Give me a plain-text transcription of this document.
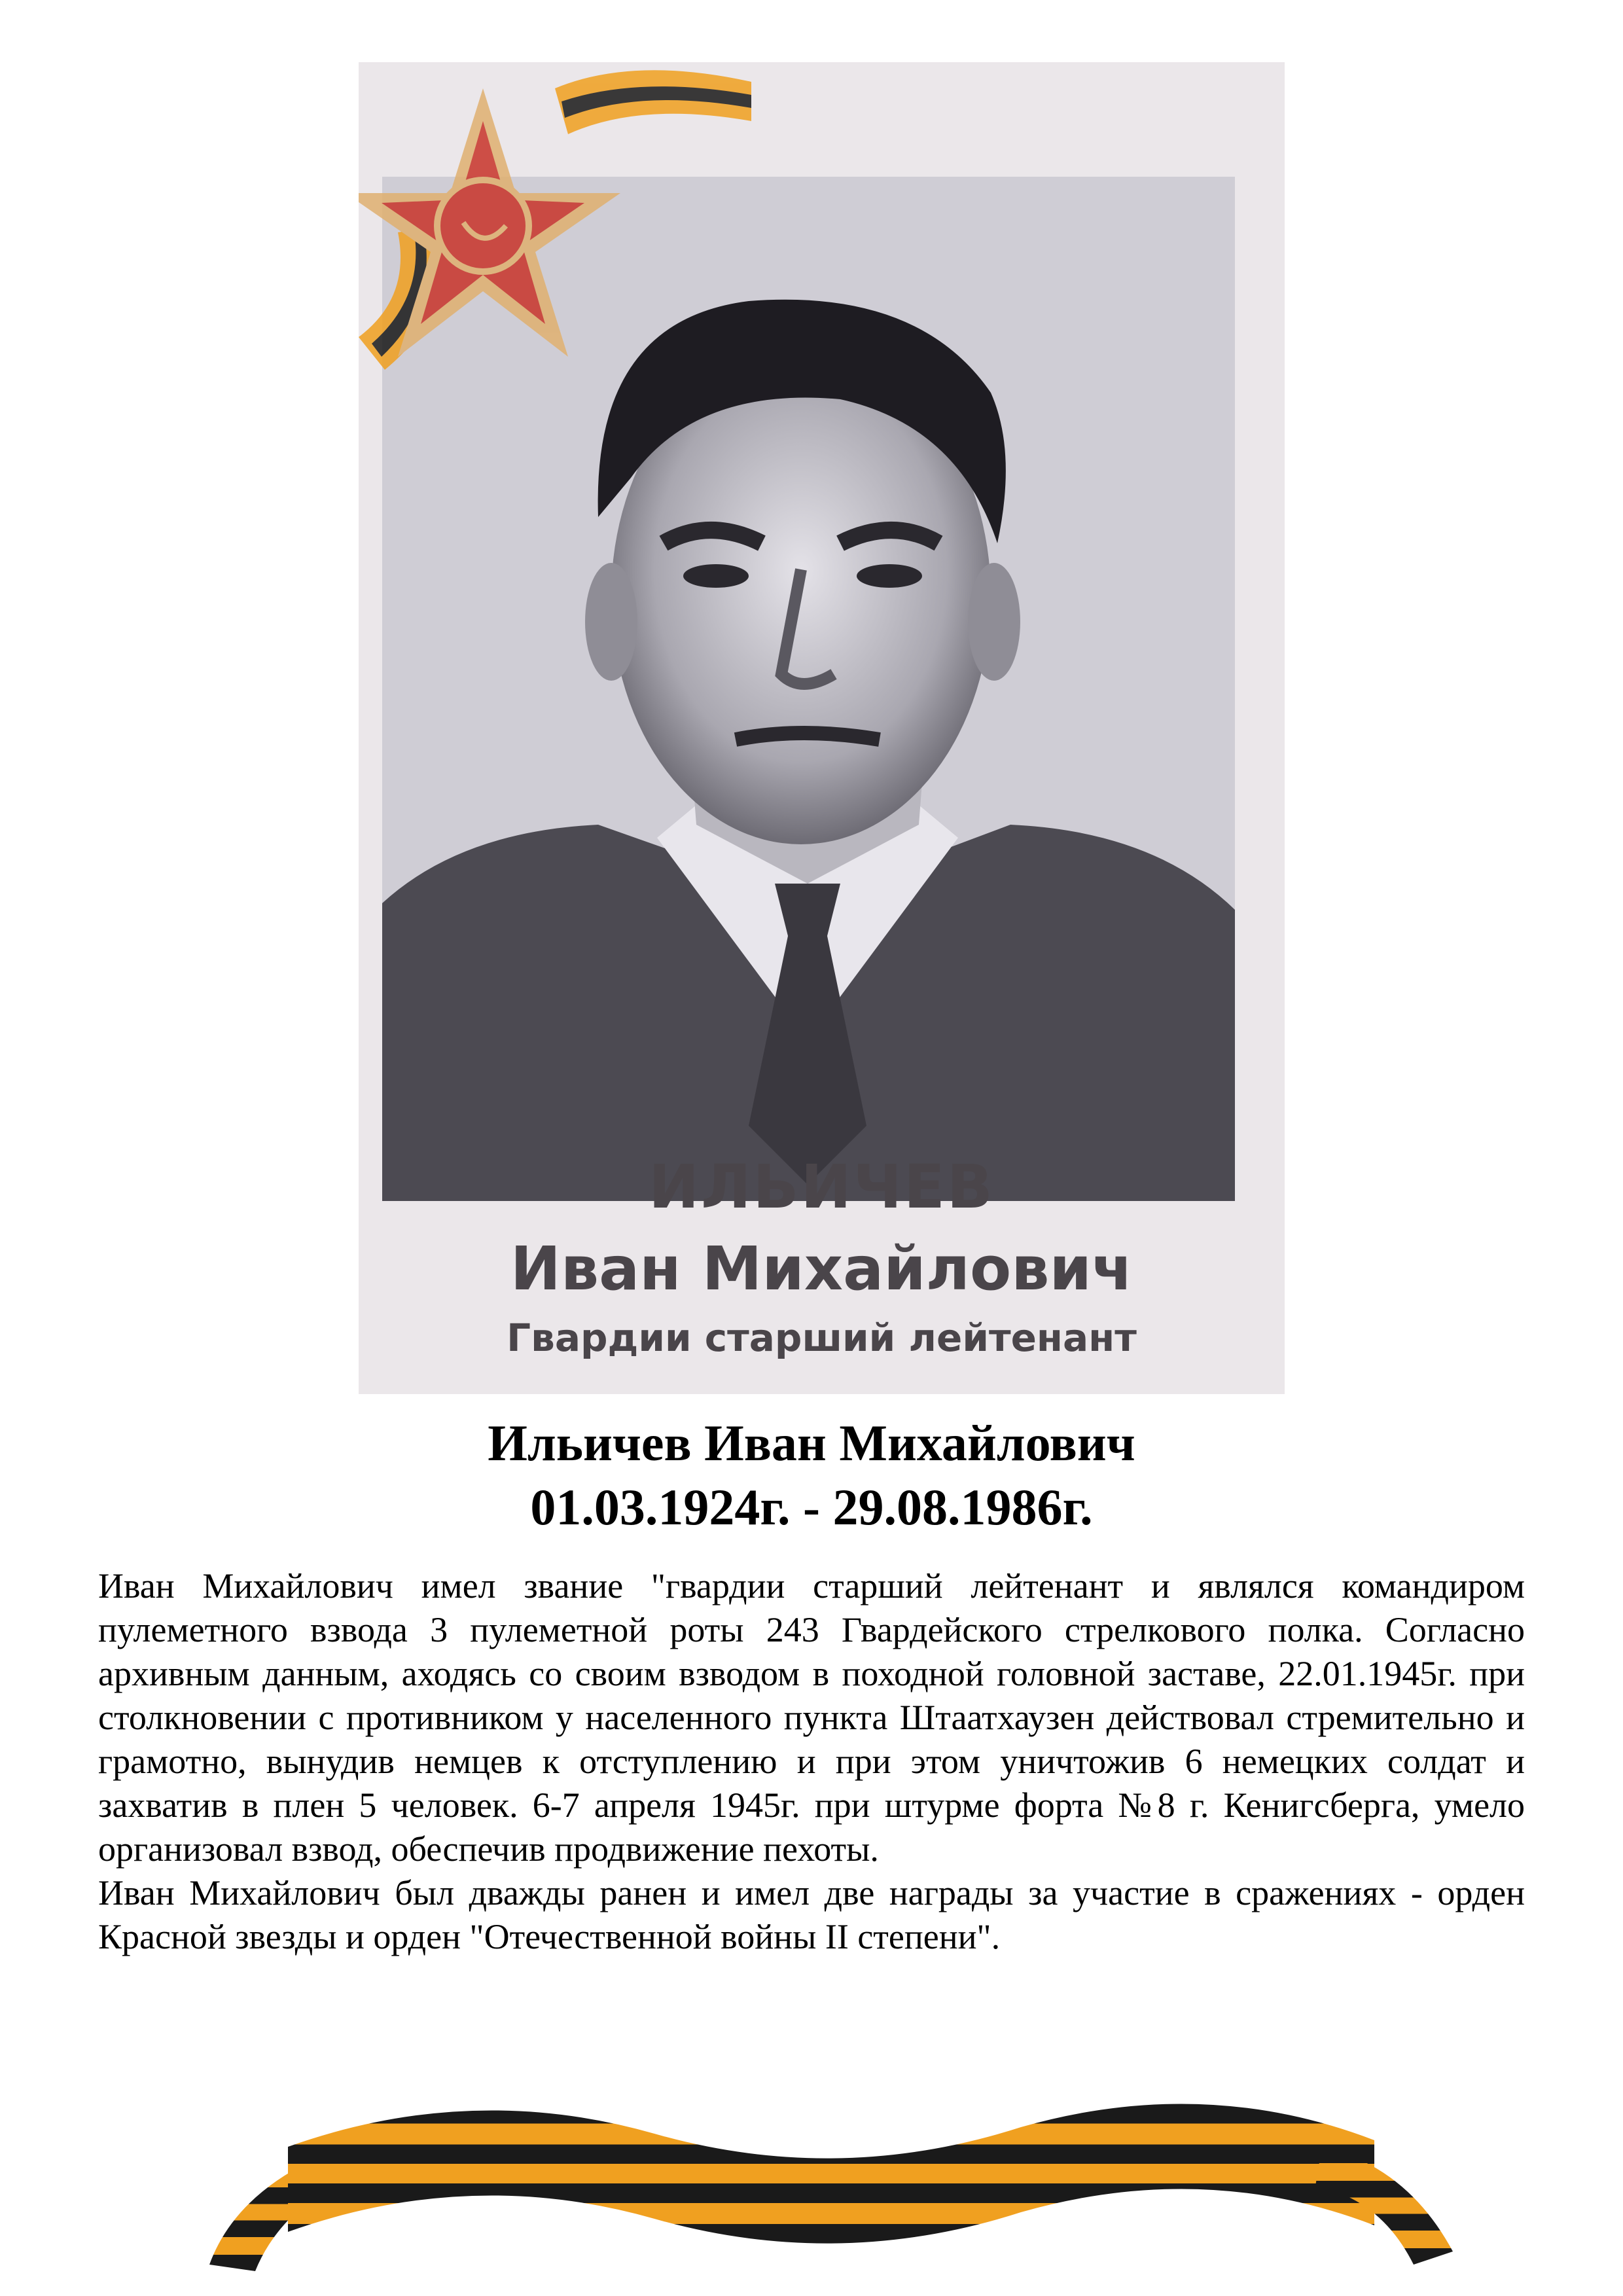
ИЛЬИЧЕВ
Иван Михайлович
Гвардии старший лейтенант
Ильичев Иван Михайлович
01.03.1924г. - 29.08.1986г.

Иван Михайлович имел звание "гвардии старший лейтенант и являлся командиром пулеметного взвода 3 пулеметной роты 243 Гвардейского стрелкового полка. Согласно архивным данным, аходясь со своим взводом в походной головной заставе, 22.01.1945г. при столкновении с противником у населенного пункта Штаатхаузен действовал стремительно и грамотно, вынудив немцев к отступлению и при этом уничтожив 6 немецких солдат и захватив в плен 5 человек. 6-7 апреля 1945г. при штурме форта №8 г. Кенигсберга, умело организовал взвод, обеспечив продвижение пехоты.

Иван Михайлович был дважды ранен и имел две награды за участие в сражениях - орден Красной звезды и орден "Отечественной войны II степени".
